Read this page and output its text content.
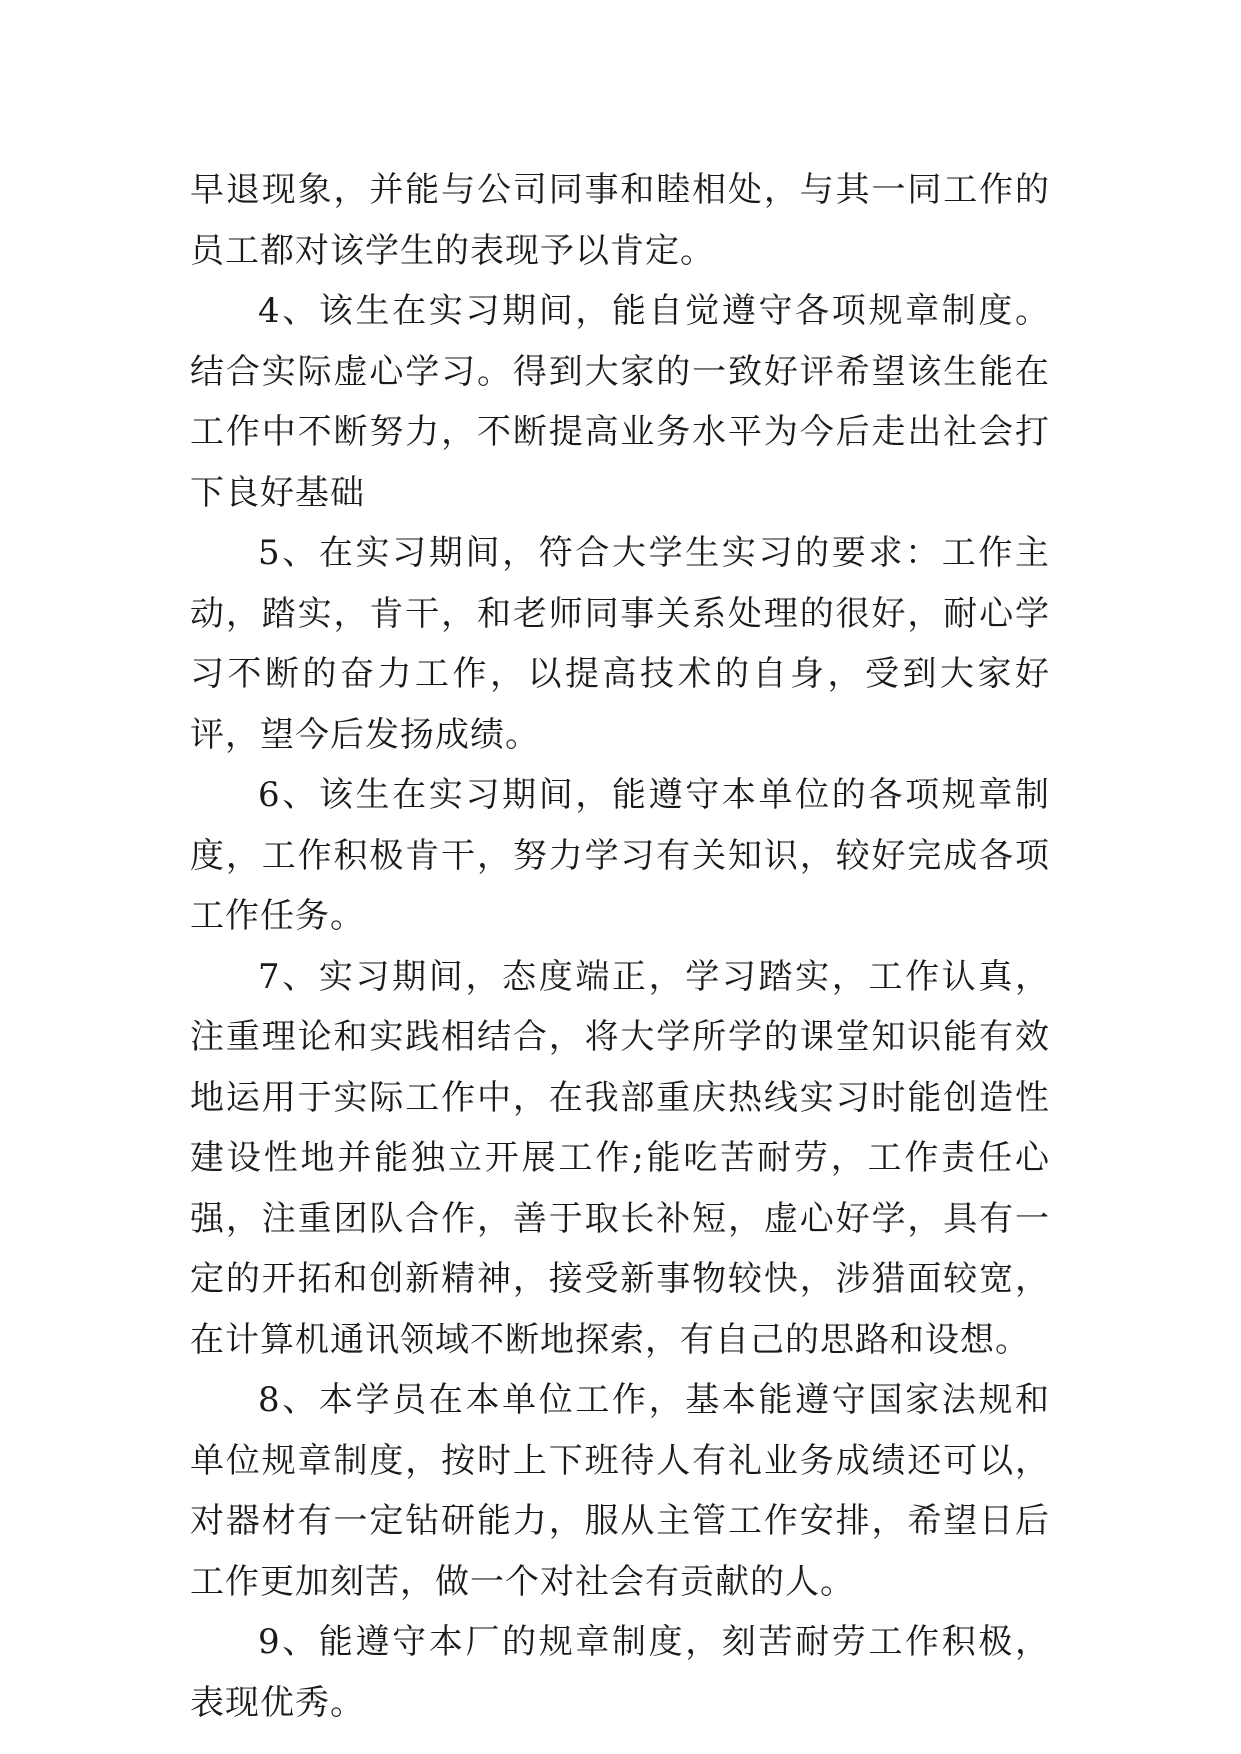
早退现象，并能与公司同事和睦相处，与其一同工作的员工都对该学生的表现予以肯定。

4、该生在实习期间，能自觉遵守各项规章制度。结合实际虚心学习。得到大家的一致好评希望该生能在工作中不断努力，不断提高业务水平为今后走出社会打下良好基础

5、在实习期间，符合大学生实习的要求：工作主动，踏实，肯干，和老师同事关系处理的很好，耐心学习不断的奋力工作，以提高技术的自身，受到大家好评，望今后发扬成绩。

6、该生在实习期间，能遵守本单位的各项规章制度，工作积极肯干，努力学习有关知识，较好完成各项工作任务。

7、实习期间，态度端正，学习踏实，工作认真，注重理论和实践相结合，将大学所学的课堂知识能有效地运用于实际工作中，在我部重庆热线实习时能创造性建设性地并能独立开展工作;能吃苦耐劳，工作责任心强，注重团队合作，善于取长补短，虚心好学，具有一定的开拓和创新精神，接受新事物较快，涉猎面较宽，在计算机通讯领域不断地探索，有自己的思路和设想。

8、本学员在本单位工作，基本能遵守国家法规和单位规章制度，按时上下班待人有礼业务成绩还可以，对器材有一定钻研能力，服从主管工作安排，希望日后工作更加刻苦，做一个对社会有贡献的人。

9、能遵守本厂的规章制度，刻苦耐劳工作积极，表现优秀。
